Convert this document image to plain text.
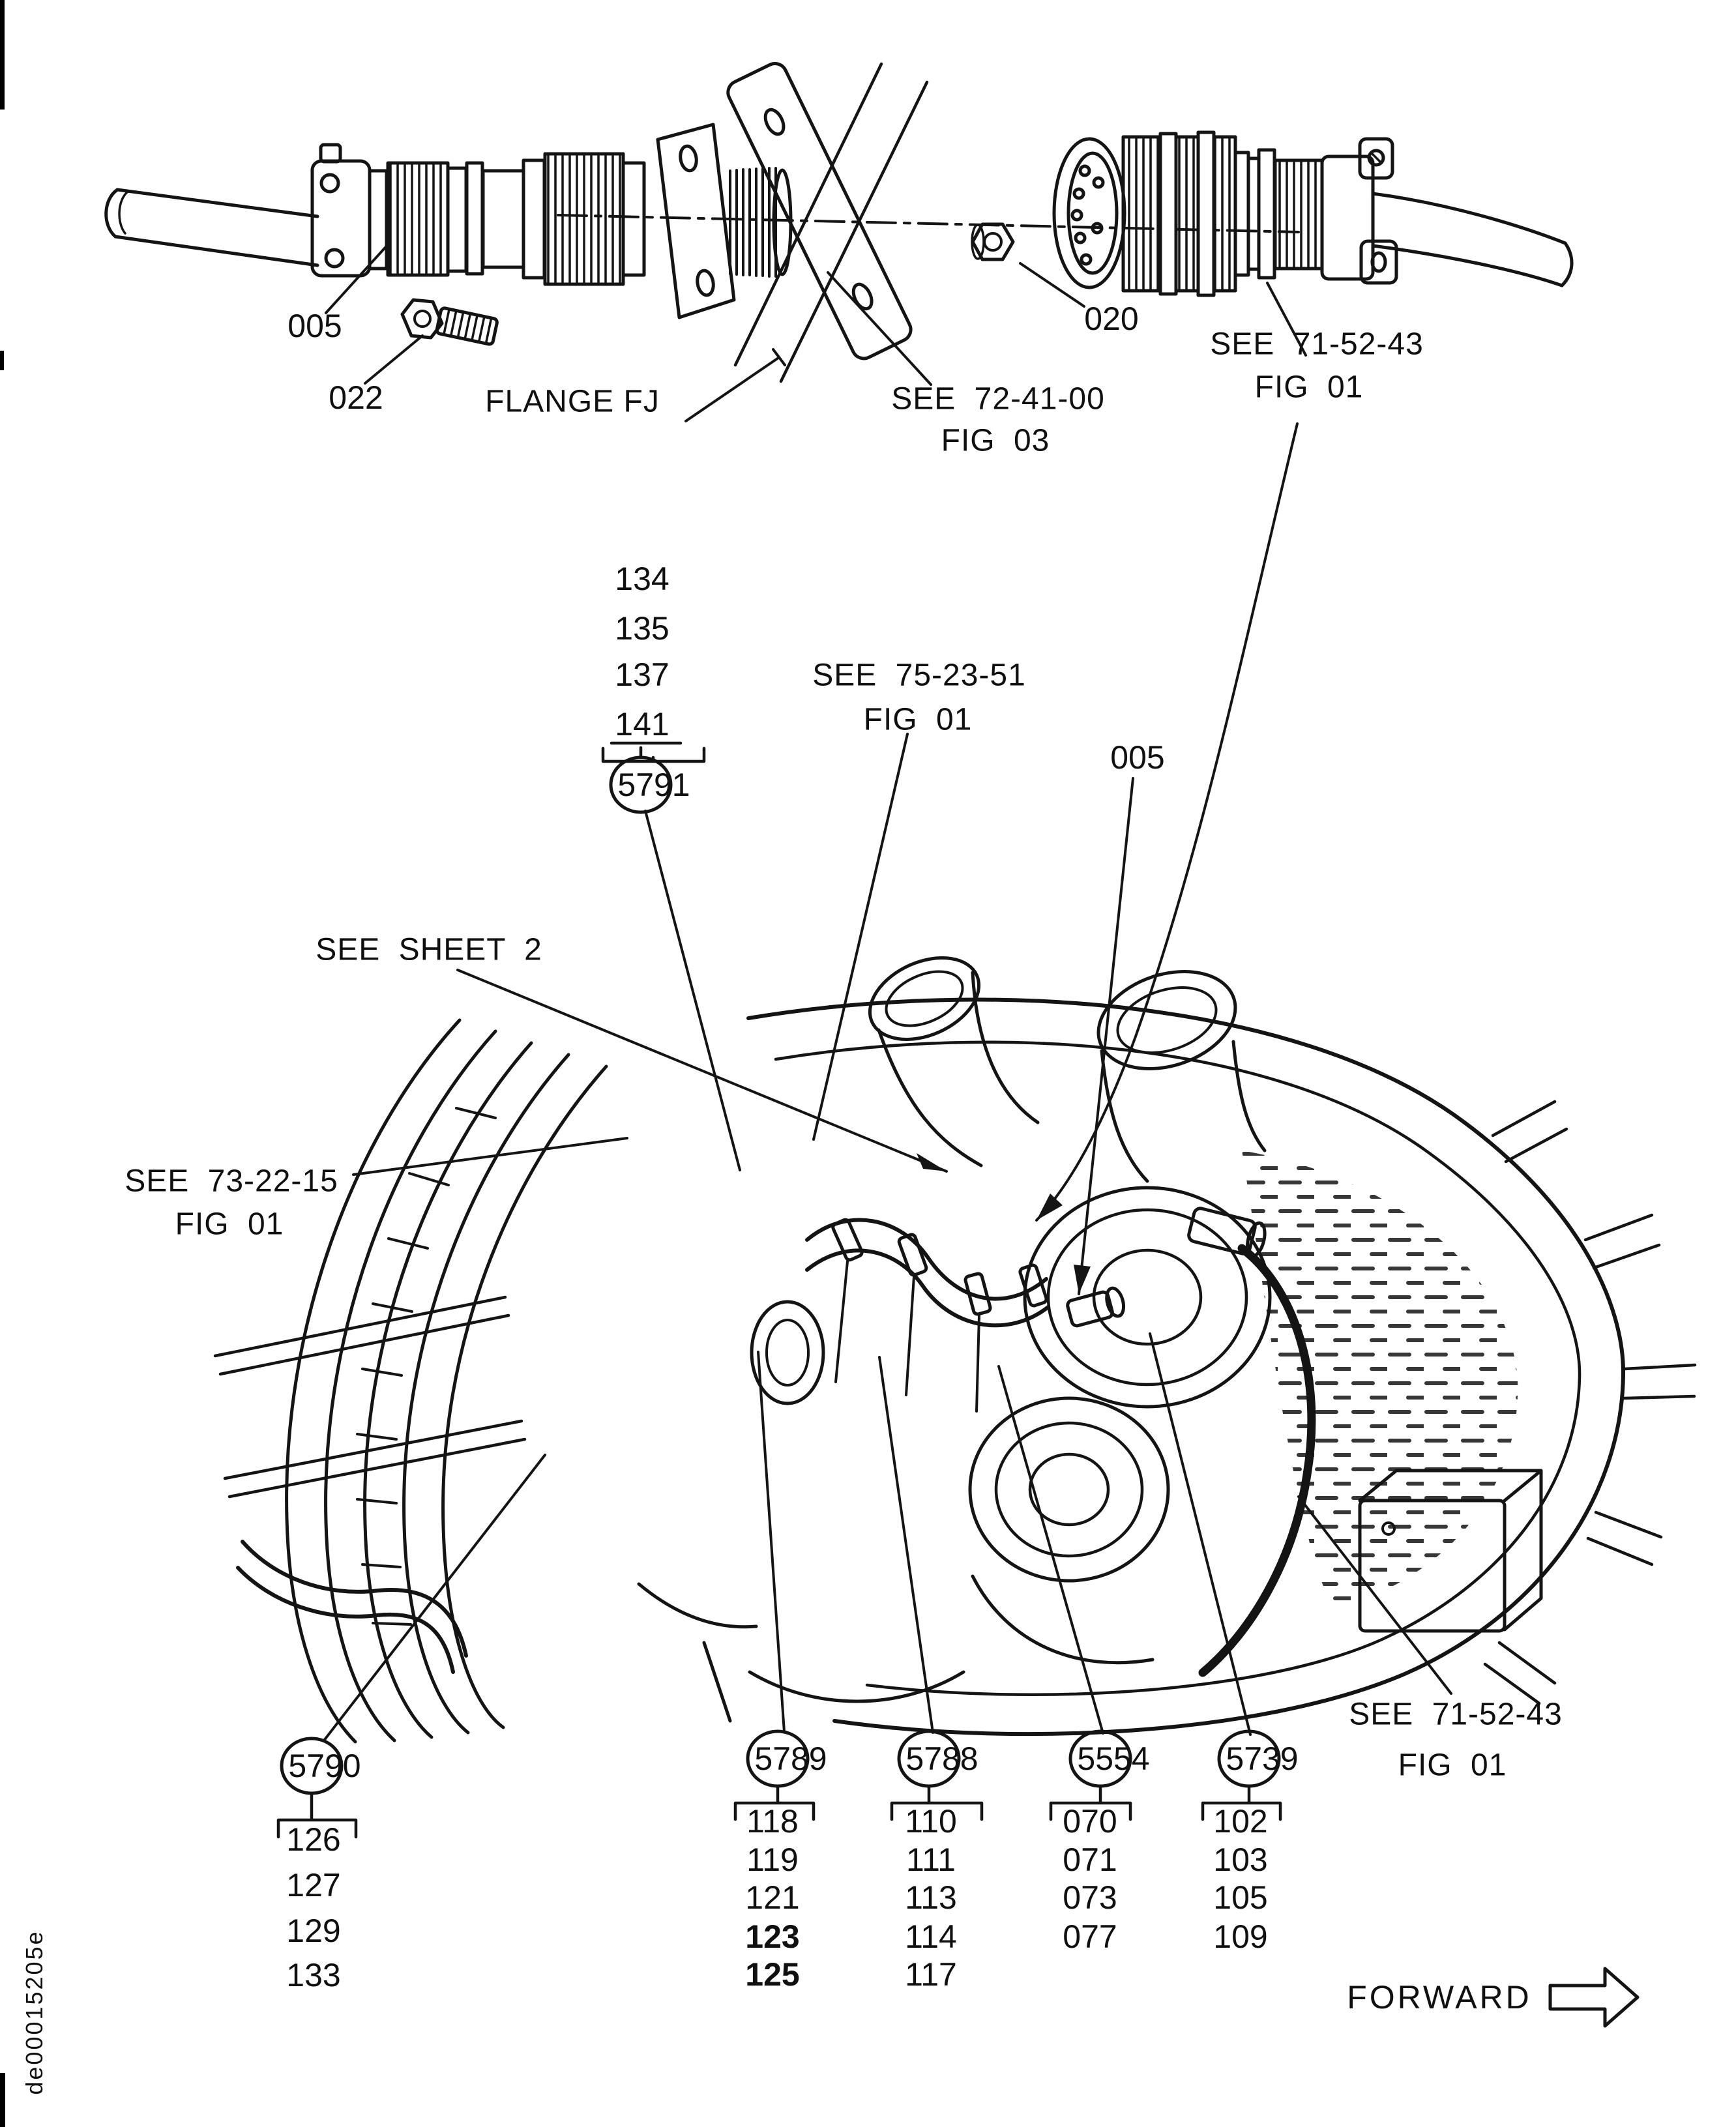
005
022	FLANGE FJ	SEE 72-41-00
FIG 03
020
SEE 71-52-43
FIG 01
134
135
137
141
5791
SEE 75-23-51
FIG 01
005
SEE SHEET 2
SEE 73-22-15
FIG 01
SEE 71-52-43
FIG 01
5790
126
127
129
133
5789
118
119
121
123
125
5788
110
111
113
114
117
5554
070
071
073
077
5739
102
103
105
109
FORWARD
de00015205e
